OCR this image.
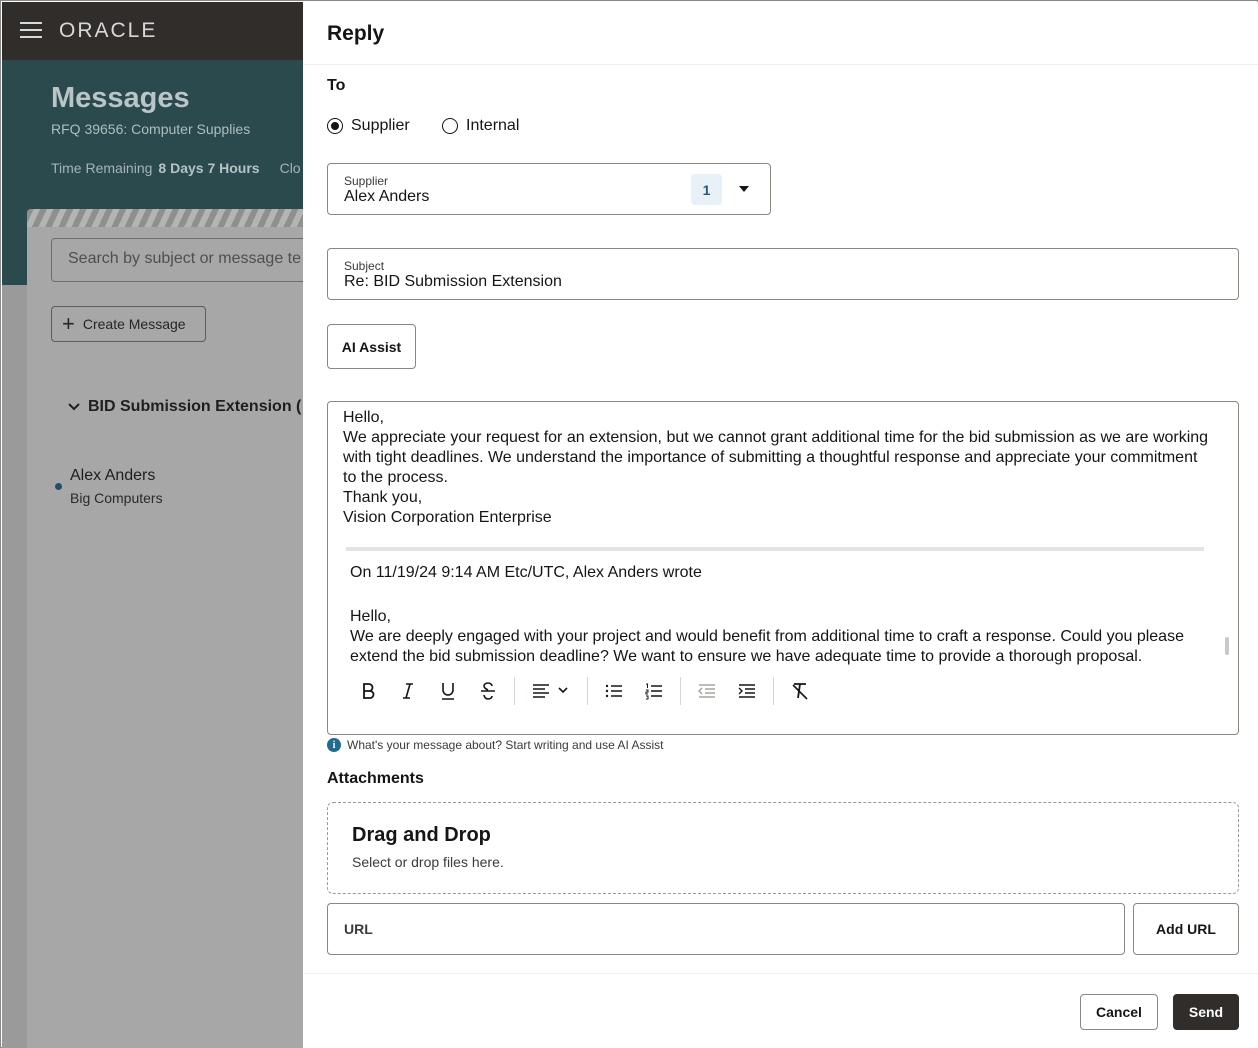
ORACLE
Messages
RFQ 39656: Computer Supplies
Time Remaining 8 Days 7 Hours Clo
Search by subject or message te
+ Create Message
BID Submission Extension (
Alex Anders
Big Computers
Reply
To
Supplier	Internal
Supplier
Alex Anders	1
Subject
Re: BID Submission Extension
AI Assist

Hello,

We appreciate your request for an extension, but we cannot grant additional time for the bid submission as we are working with tight deadlines. We understand the importance of submitting a thoughtful response and appreciate your commitment to the process.

Thank you,

Vision Corporation Enterprise

On 11/19/24 9:14 AM Etc/UTC, Alex Anders wrote

Hello,

We are deeply engaged with your project and would benefit from additional time to craft a response. Could you please extend the bid submission deadline? We want to ensure we have adequate time to provide a thorough proposal.

i What's your message about? Start writing and use AI Assist
Attachments
Drag and Drop
Select or drop files here.
URL	Add URL
Cancel	Send
